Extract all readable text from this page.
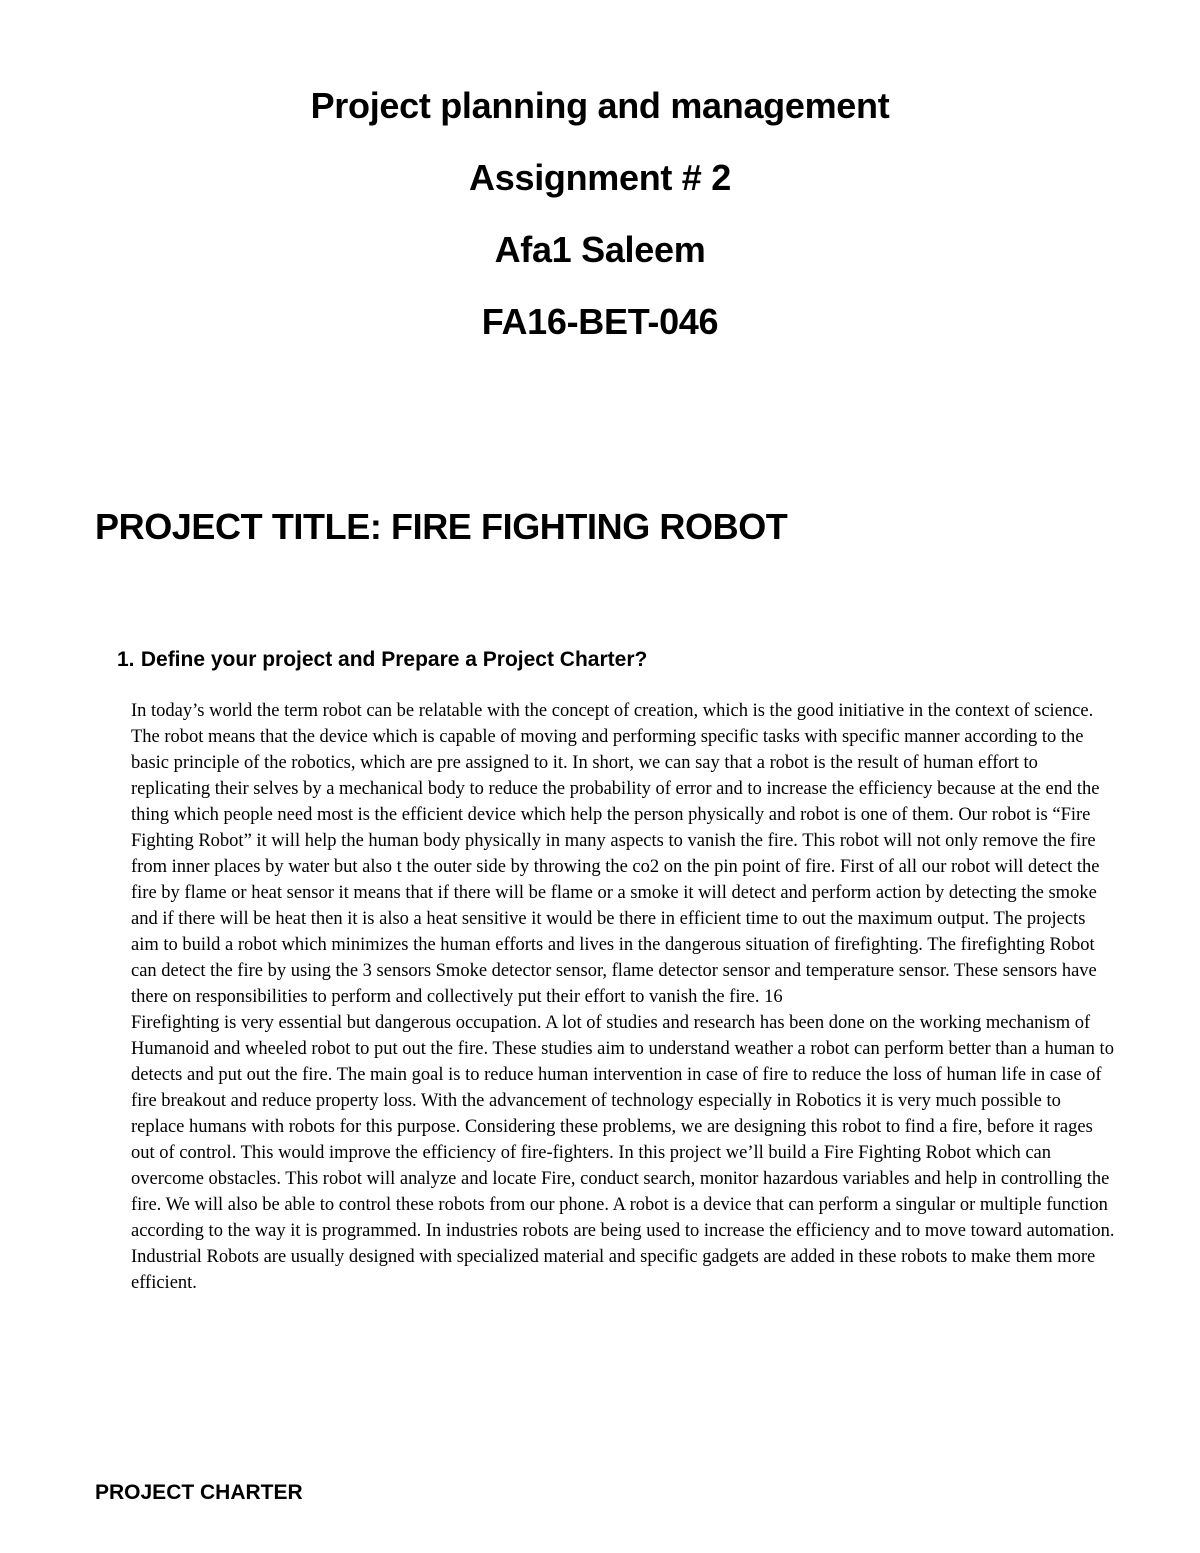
Project planning and management
Assignment # 2
Afa1 Saleem
FA16-BET-046
PROJECT TITLE: FIRE FIGHTING ROBOT
1. Define your project and Prepare a Project Charter?

In today’s world the term robot can be relatable with the concept of creation, which is the good initiative in the context of science. The robot means that the device which is capable of moving and performing specific tasks with specific manner according to the basic principle of the robotics, which are pre assigned to it. In short, we can say that a robot is the result of human effort to replicating their selves by a mechanical body to reduce the probability of error and to increase the efficiency because at the end the thing which people need most is the efficient device which help the person physically and robot is one of them. Our robot is “Fire Fighting Robot” it will help the human body physically in many aspects to vanish the fire. This robot will not only remove the fire from inner places by water but also t the outer side by throwing the co2 on the pin point of fire. First of all our robot will detect the fire by flame or heat sensor it means that if there will be flame or a smoke it will detect and perform action by detecting the smoke and if there will be heat then it is also a heat sensitive it would be there in efficient time to out the maximum output. The projects aim to build a robot which minimizes the human efforts and lives in the dangerous situation of firefighting. The firefighting Robot can detect the fire by using the 3 sensors Smoke detector sensor, flame detector sensor and temperature sensor. These sensors have there on responsibilities to perform and collectively put their effort to vanish the fire. 16

Firefighting is very essential but dangerous occupation. A lot of studies and research has been done on the working mechanism of Humanoid and wheeled robot to put out the fire. These studies aim to understand weather a robot can perform better than a human to detects and put out the fire. The main goal is to reduce human intervention in case of fire to reduce the loss of human life in case of fire breakout and reduce property loss. With the advancement of technology especially in Robotics it is very much possible to replace humans with robots for this purpose. Considering these problems, we are designing this robot to find a fire, before it rages out of control. This would improve the efficiency of fire-fighters. In this project we’ll build a Fire Fighting Robot which can overcome obstacles. This robot will analyze and locate Fire, conduct search, monitor hazardous variables and help in controlling the fire. We will also be able to control these robots from our phone. A robot is a device that can perform a singular or multiple function according to the way it is programmed. In industries robots are being used to increase the efficiency and to move toward automation. Industrial Robots are usually designed with specialized material and specific gadgets are added in these robots to make them more efficient.

PROJECT CHARTER
